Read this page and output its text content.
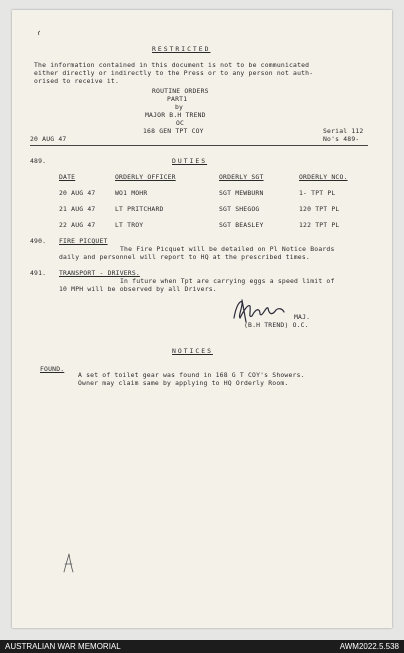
RESTRICTED
The information contained in this document is not to be communicated
either directly or indirectly to the Press or to any person not auth-
orised to receive it.
ROUTINE ORDERS
PART1
by
MAJOR B.H TREND
OC
168 GEN TPT COY
20 AUG 47
Serial 112
No's 489-
489.	DUTIES
DATE	ORDERLY OFFICER	ORDERLY SGT	ORDERLY NCO.
20 AUG 47	WO1 MOHR	SGT MEWBURN	1- TPT PL
21 AUG 47	LT PRITCHARD	SGT SHEGOG	120 TPT PL
22 AUG 47	LT TROY	SGT BEASLEY	122 TPT PL
490. FIRE PICQUET
The Fire Picquet will be detailed on Pl Notice Boards
daily and personnel will report to HQ at the prescribed times.
491. TRANSPORT - DRIVERS.
In future when Tpt are carrying eggs a speed limit of
10 MPH will be observed by all Drivers.
MAJ.
(B.H TREND) O.C.
NOTICES
FOUND.
A set of toilet gear was found in 168 G T COY's Showers.
Owner may claim same by applying to HQ Orderly Room.
AUSTRALIAN WAR MEMORIAL	AWM2022.5.538
